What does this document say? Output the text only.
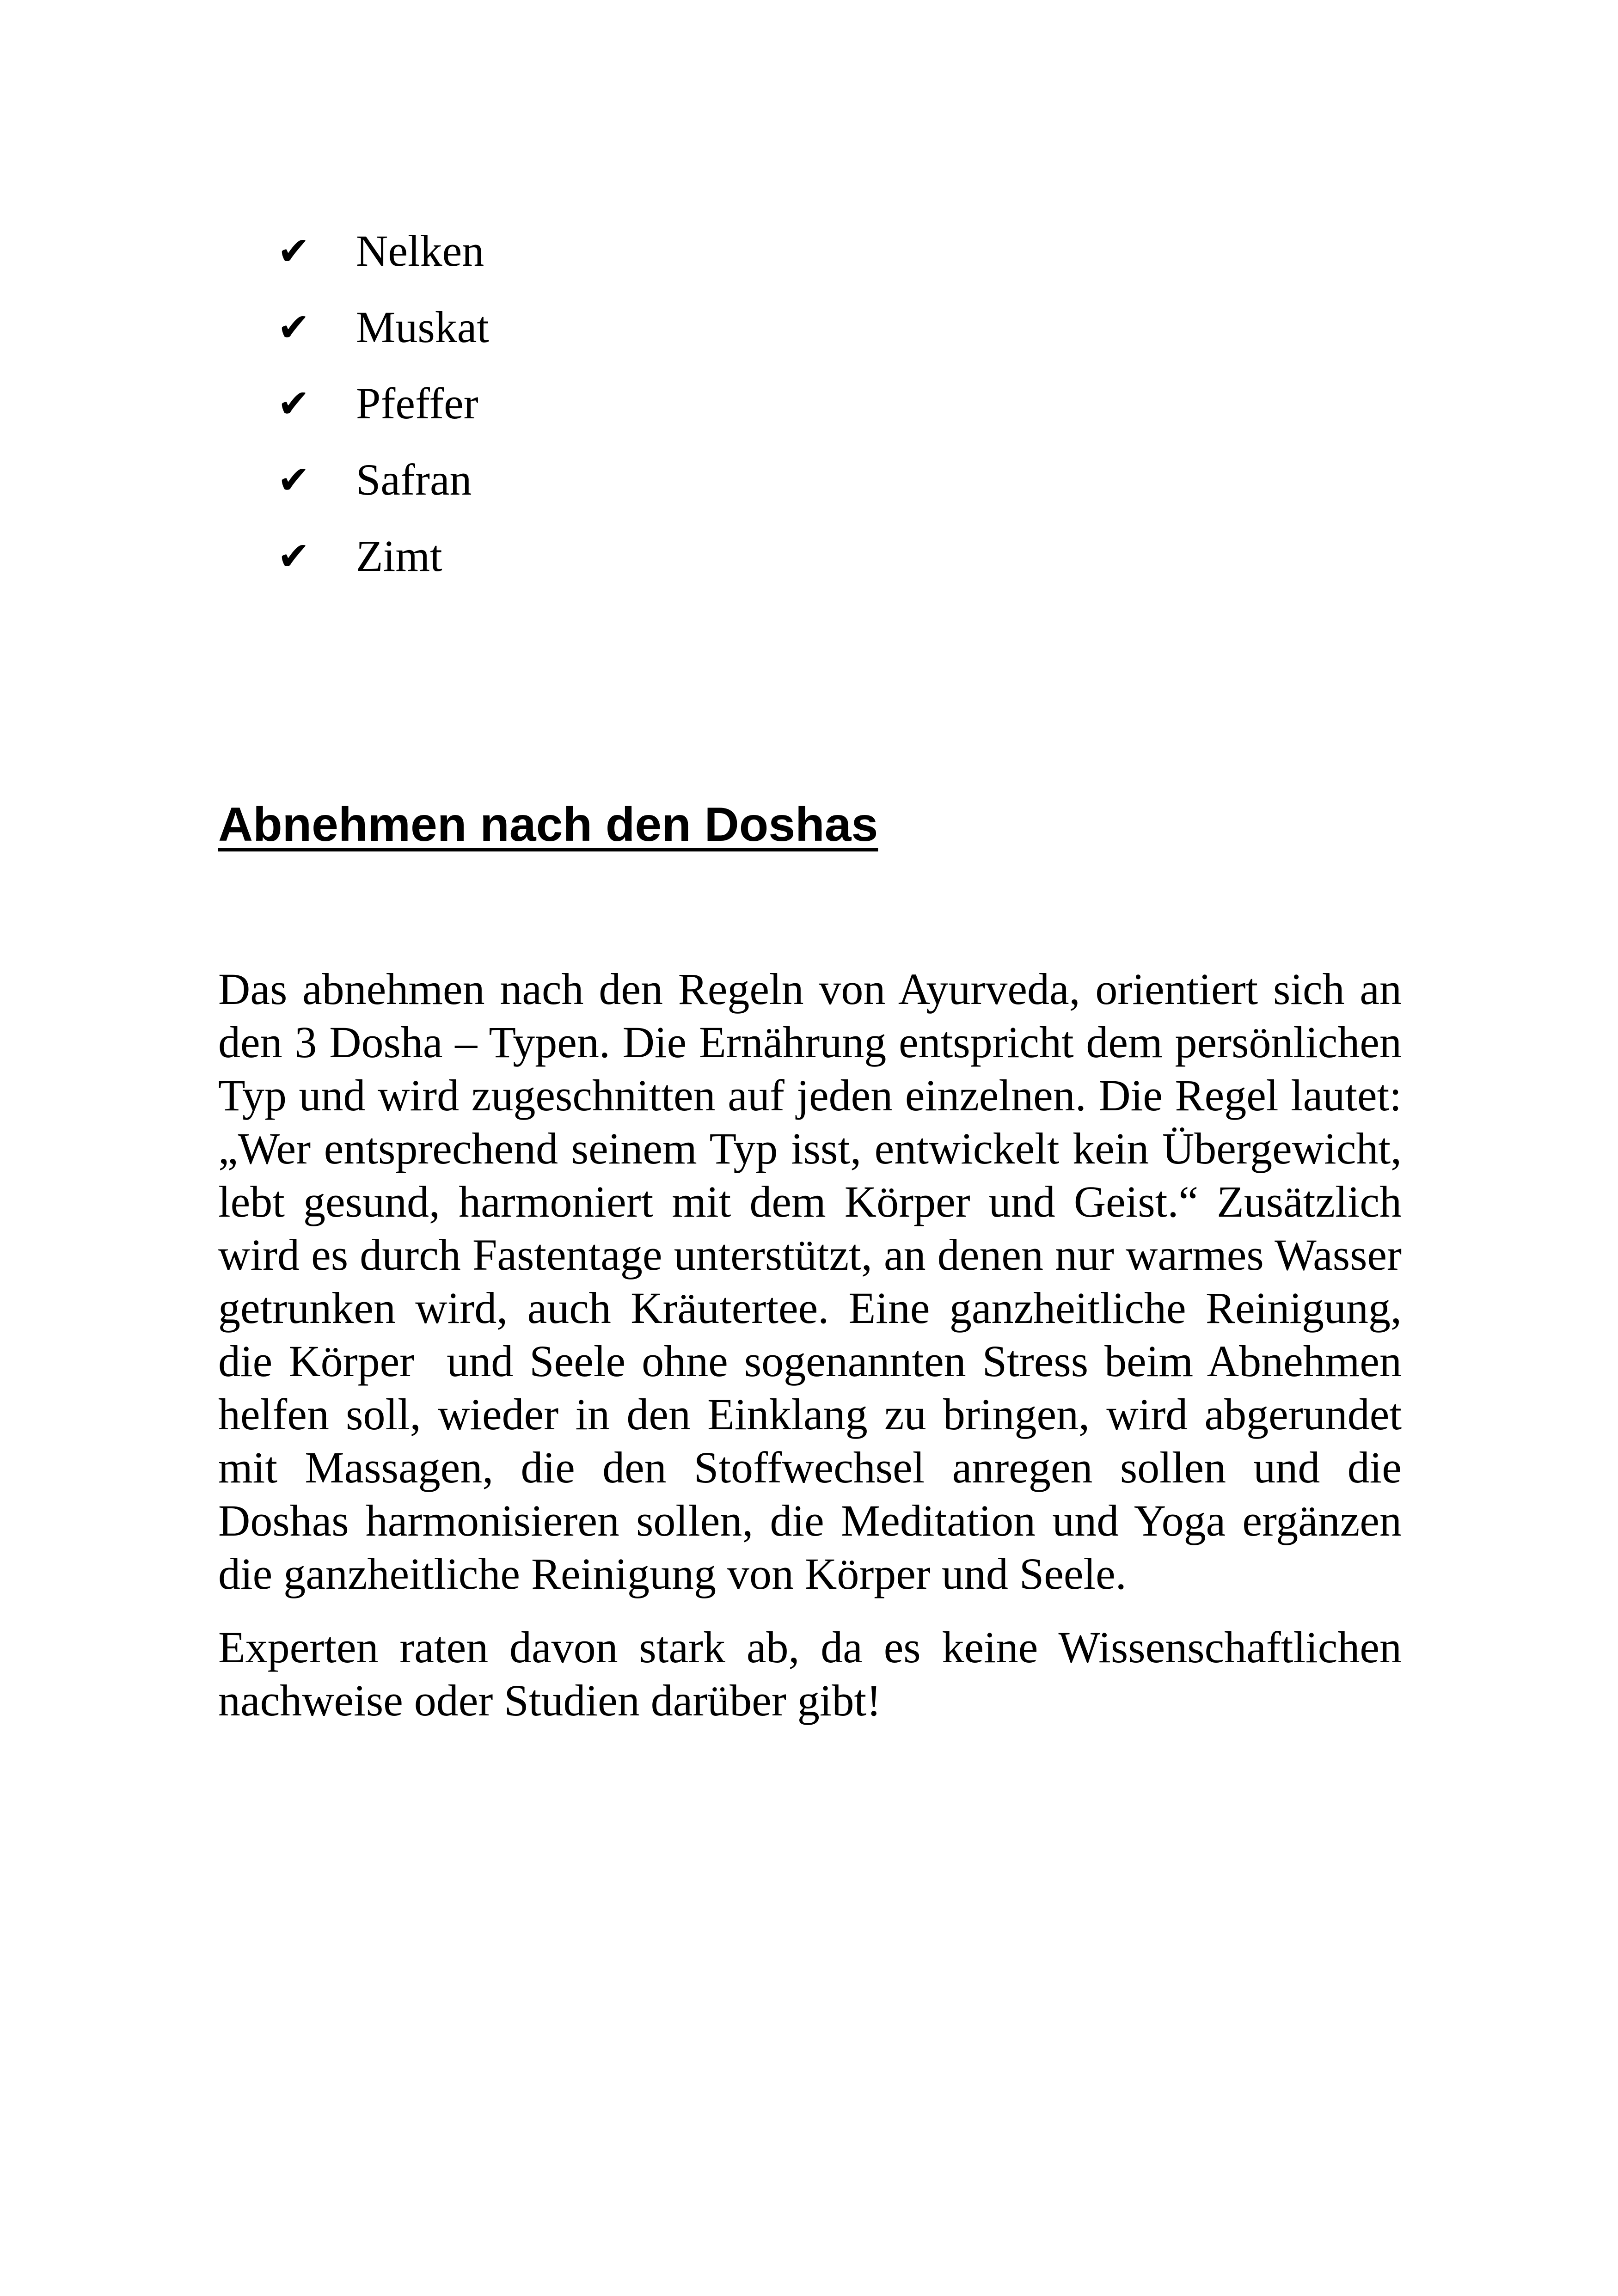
✔	Nelken
✔	Muskat
✔	Pfeffer
✔	Safran
✔	Zimt
Abnehmen nach den Doshas

Das abnehmen nach den Regeln von Ayurveda, orientiert sich an den 3 Dosha – Typen. Die Ernährung entspricht dem persönlichen Typ und wird zugeschnitten auf jeden einzelnen. Die Regel lautet: „Wer entsprechend seinem Typ isst, entwickelt kein Übergewicht, lebt gesund, harmoniert mit dem Körper und Geist.“ Zusätzlich wird es durch Fastentage unterstützt, an denen nur warmes Wasser getrunken wird, auch Kräutertee. Eine ganzheitliche Reinigung, die Körper  und Seele ohne sogenannten Stress beim Abnehmen helfen soll, wieder in den Einklang zu bringen, wird abgerundet mit Massagen, die den Stoffwechsel anregen sollen und die Doshas harmonisieren sollen, die Meditation und Yoga ergänzen die ganzheitliche Reinigung von Körper und Seele.

Experten raten davon stark ab, da es keine Wissenschaftlichen nachweise oder Studien darüber gibt!
